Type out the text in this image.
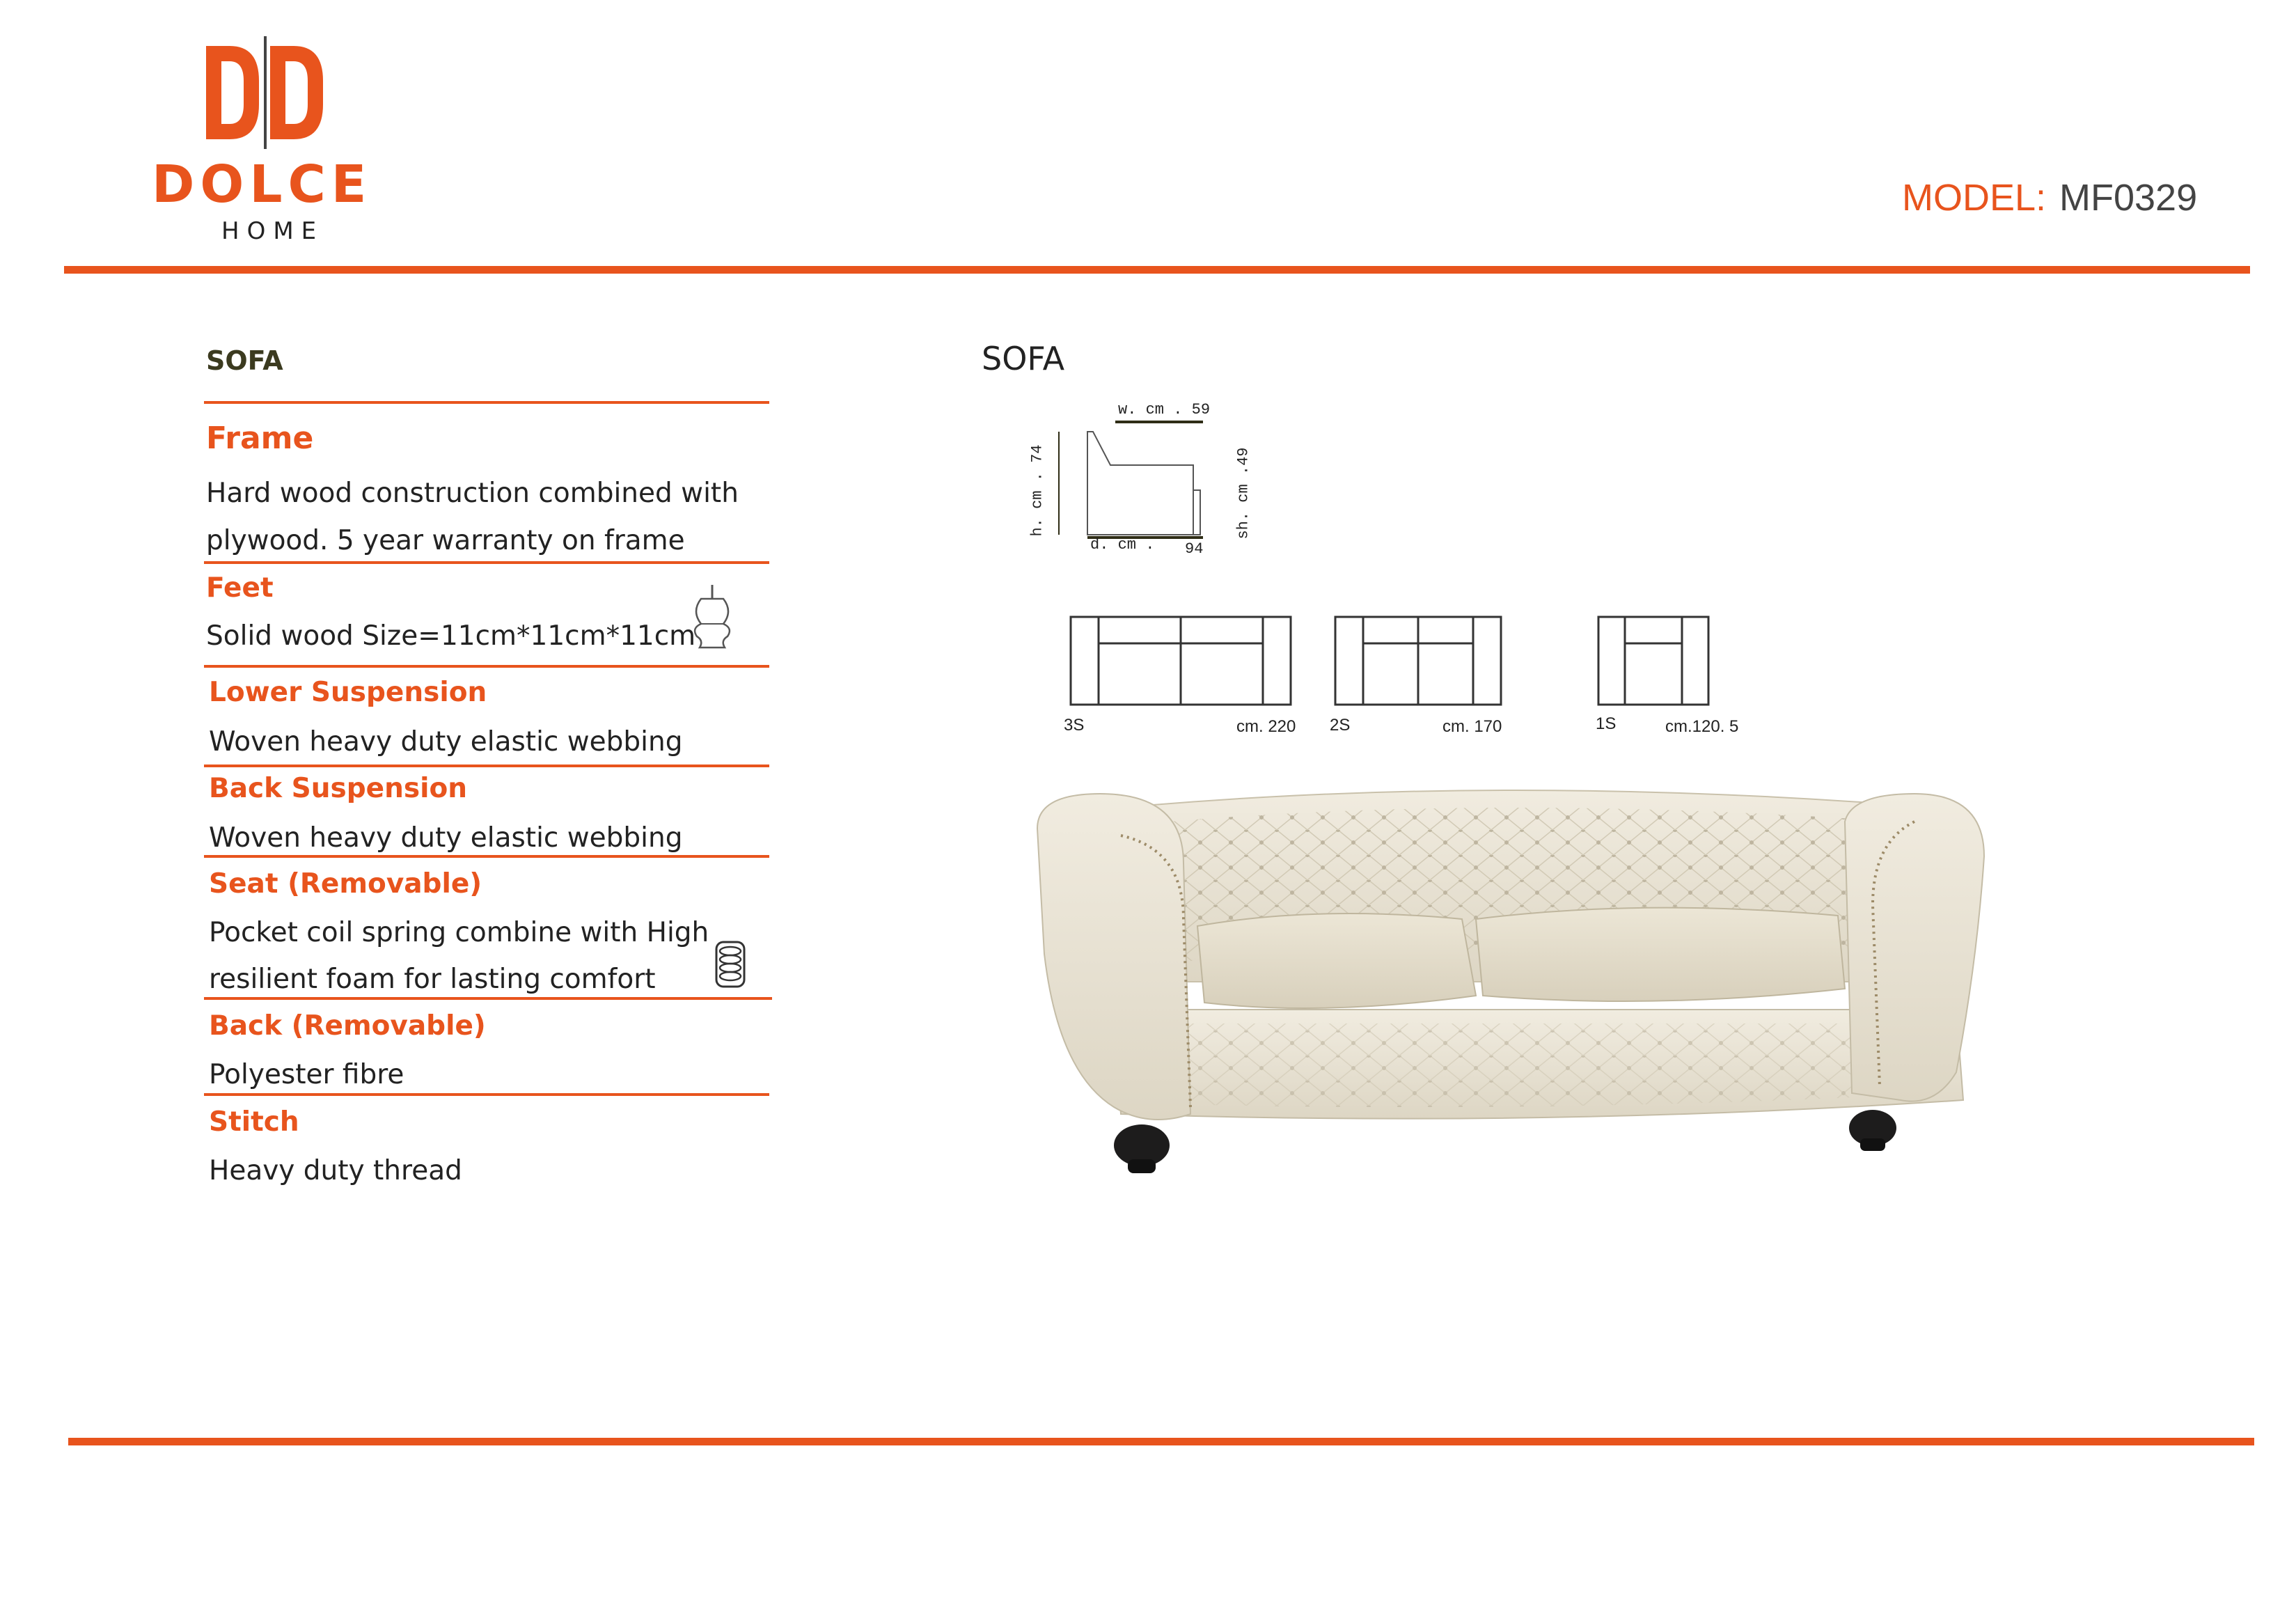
DOLCE
HOME
MODEL: MF0329
SOFA
Frame
Hard wood construction combined with
plywood. 5 year warranty on frame
Feet
Solid wood Size=11cm*11cm*11cm
Lower Suspension
Woven heavy duty elastic webbing
Back Suspension
Woven heavy duty elastic webbing
Seat (Removable)
Pocket coil spring combine with High
resilient foam for lasting comfort
Back (Removable)
Polyester fibre
Stitch
Heavy duty thread
SOFA
w. cm . 59
d. cm . 94
h. cm . 74	sh. cm .49
3S	cm. 220 2S	cm. 170	1S	cm.120. 5
